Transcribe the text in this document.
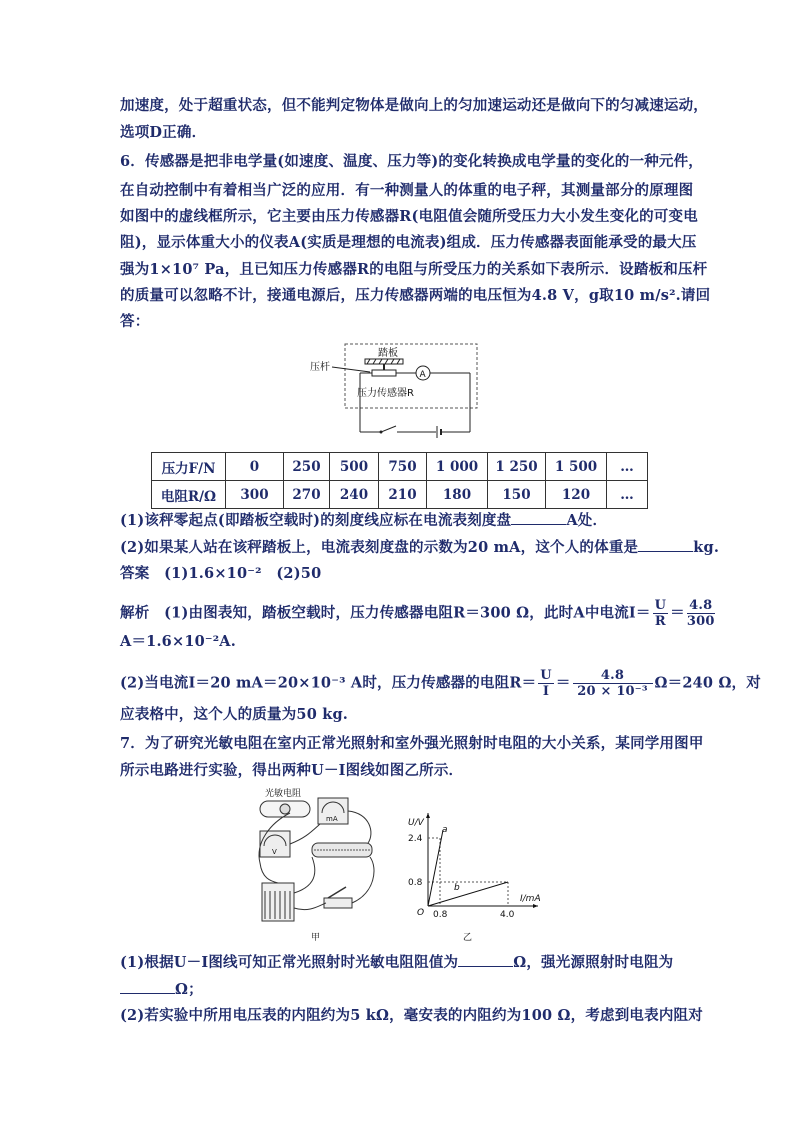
加速度，处于超重状态，但不能判定物体是做向上的匀加速运动还是做向下的匀减速运动，
选项D正确．
6．传感器是把非电学量(如速度、温度、压力等)的变化转换成电学量的变化的一种元件，
在自动控制中有着相当广泛的应用．有一种测量人的体重的电子秤，其测量部分的原理图
如图中的虚线框所示，它主要由压力传感器R(电阻值会随所受压力大小发生变化的可变电
阻)，显示体重大小的仪表A(实质是理想的电流表)组成．压力传感器表面能承受的最大压
强为1×10⁷ Pa，且已知压力传感器R的电阻与所受压力的关系如下表所示．设踏板和压杆
的质量可以忽略不计，接通电源后，压力传感器两端的电压恒为4.8 V，g取10 m/s².请回
答：
踏板
压杆
A
压力传感器R
压力F/N	0	250	500	750	1 000	1 250	1 500	…
电阻R/Ω	300	270	240	210	180	150	120	…
(1)该秤零起点(即踏板空载时)的刻度线应标在电流表刻度盘	A处．
(2)如果某人站在该秤踏板上，电流表刻度盘的示数为20 mA，这个人的体重是	kg.
答案　(1)1.6×10⁻²　(2)50
解析　(1)由图表知，踏板空载时，压力传感器电阻R＝300 Ω，此时A中电流$I= \frac{U}{R} = \frac{4.8}{300}$
A＝1.6×10⁻²A.
(2)当电流I＝20 mA＝20×10⁻³ A时，压力传感器的电阻$R= \frac{U}{I} = \frac{4.8}{\text{20 × 10⁻³}} \Omega=240$ Ω，对
应表格中，这个人的质量为50 kg.
7．为了研究光敏电阻在室内正常光照射和室外强光照射时电阻的大小关系，某同学用图甲
所示电路进行实验，得出两种U－I图线如图乙所示．
光敏电阻
mA
V
甲
U/V
I/mA
O
2.4
0.8
0.8	4.0
a
b
乙
(1)根据U－I图线可知正常光照射时光敏电阻阻值为	Ω，强光源照射时电阻为
Ω；
(2)若实验中所用电压表的内阻约为5 kΩ，毫安表的内阻约为100 Ω，考虑到电表内阻对
